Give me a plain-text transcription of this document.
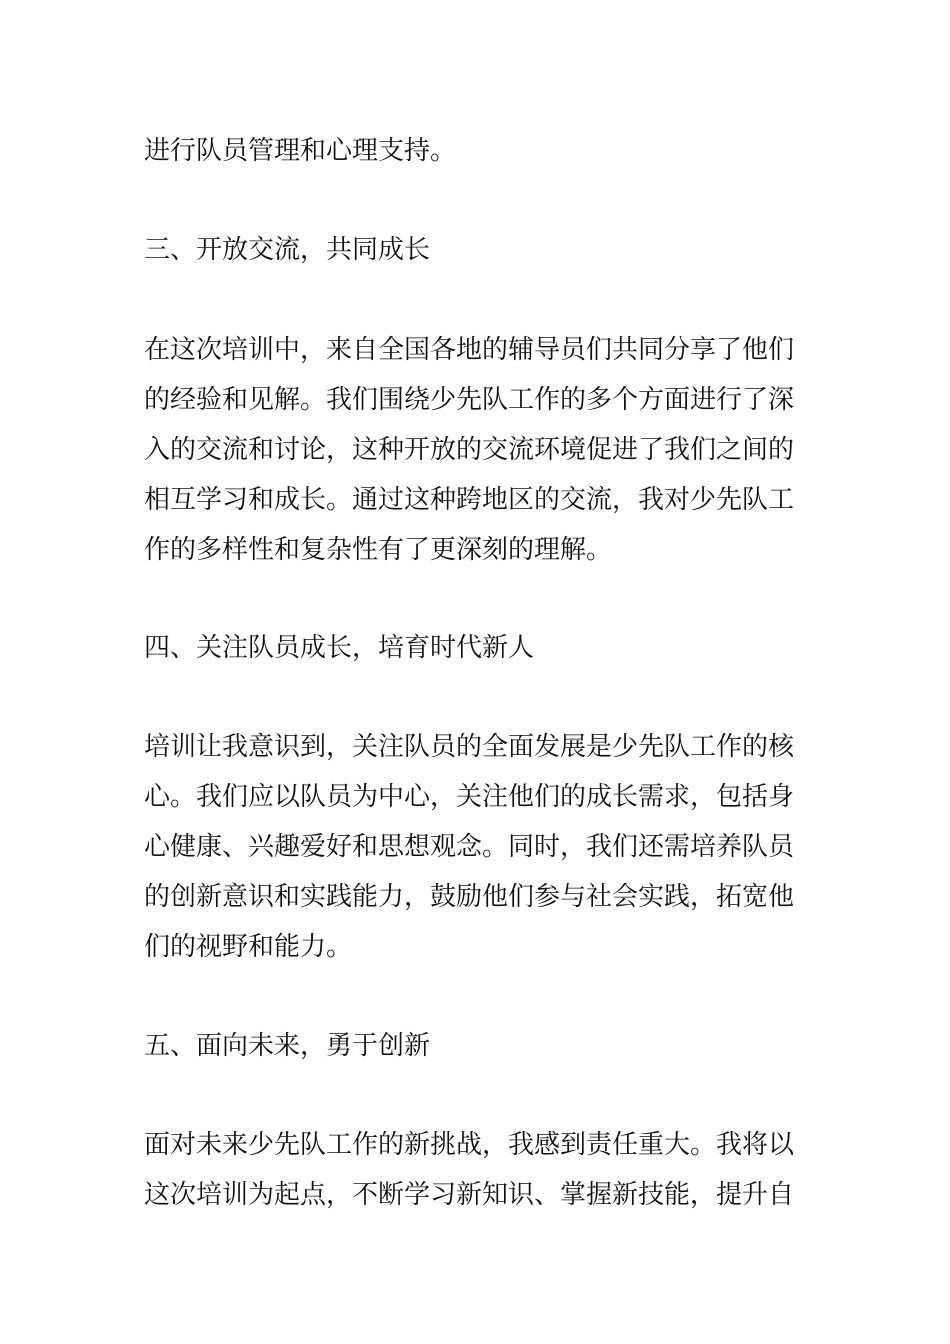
进行队员管理和心理支持。
三、开放交流，共同成长
在这次培训中，来自全国各地的辅导员们共同分享了他们
的经验和见解。我们围绕少先队工作的多个方面进行了深
入的交流和讨论，这种开放的交流环境促进了我们之间的
相互学习和成长。通过这种跨地区的交流，我对少先队工
作的多样性和复杂性有了更深刻的理解。
四、关注队员成长，培育时代新人
培训让我意识到，关注队员的全面发展是少先队工作的核
心。我们应以队员为中心，关注他们的成长需求，包括身
心健康、兴趣爱好和思想观念。同时，我们还需培养队员
的创新意识和实践能力，鼓励他们参与社会实践，拓宽他
们的视野和能力。
五、面向未来，勇于创新
面对未来少先队工作的新挑战，我感到责任重大。我将以
这次培训为起点，不断学习新知识、掌握新技能，提升自
